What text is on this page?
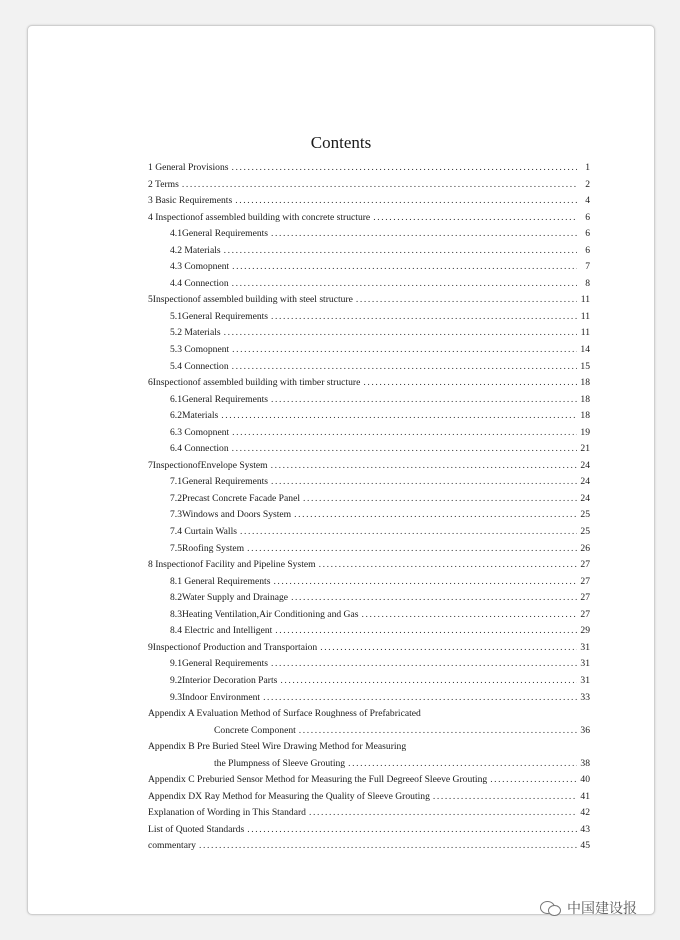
Contents
1 General Provisions .....	1
2 Terms .....	2
3 Basic Requirements .....	4
4 Inspectionof assembled building with concrete structure .....	6
4.1General Requirements .....	6
4.2 Materials .....	6
4.3 Comopnent .....	7
4.4 Connection .....	8
5Inspectionof assembled building with steel structure .....	11
5.1General Requirements .....	11
5.2 Materials .....	11
5.3 Comopnent .....	14
5.4 Connection .....	15
6Inspectionof assembled building with timber structure .....	18
6.1General Requirements .....	18
6.2Materials .....	18
6.3 Comopnent .....	19
6.4 Connection .....	21
7InspectionofEnvelope System .....	24
7.1General Requirements .....	24
7.2Precast Concrete Facade Panel .....	24
7.3Windows and Doors System .....	25
7.4 Curtain Walls .....	25
7.5Roofing System .....	26
8 Inspectionof Facility and Pipeline System .....	27
8.1 General Requirements .....	27
8.2Water Supply and Drainage .....	27
8.3Heating Ventilation,Air Conditioning and Gas .....	27
8.4 Electric and Intelligent .....	29
9Inspectionof Production and Transportaion .....	31
9.1General Requirements .....	31
9.2Interior Decoration Parts .....	31
9.3Indoor Environment .....	33
Appendix A Evaluation Method of Surface Roughness of Prefabricated
Concrete Component .....	36
Appendix B Pre Buried Steel Wire Drawing Method for Measuring
the Plumpness of Sleeve Grouting .....	38
Appendix C Preburied Sensor Method for Measuring the Full Degreeof Sleeve Grouting .....	40
Appendix DX Ray Method for Measuring the Quality of Sleeve Grouting .....	41
Explanation of Wording in This Standard .....	42
List of Quoted Standards .....	43
commentary .....	45
中国建设报
